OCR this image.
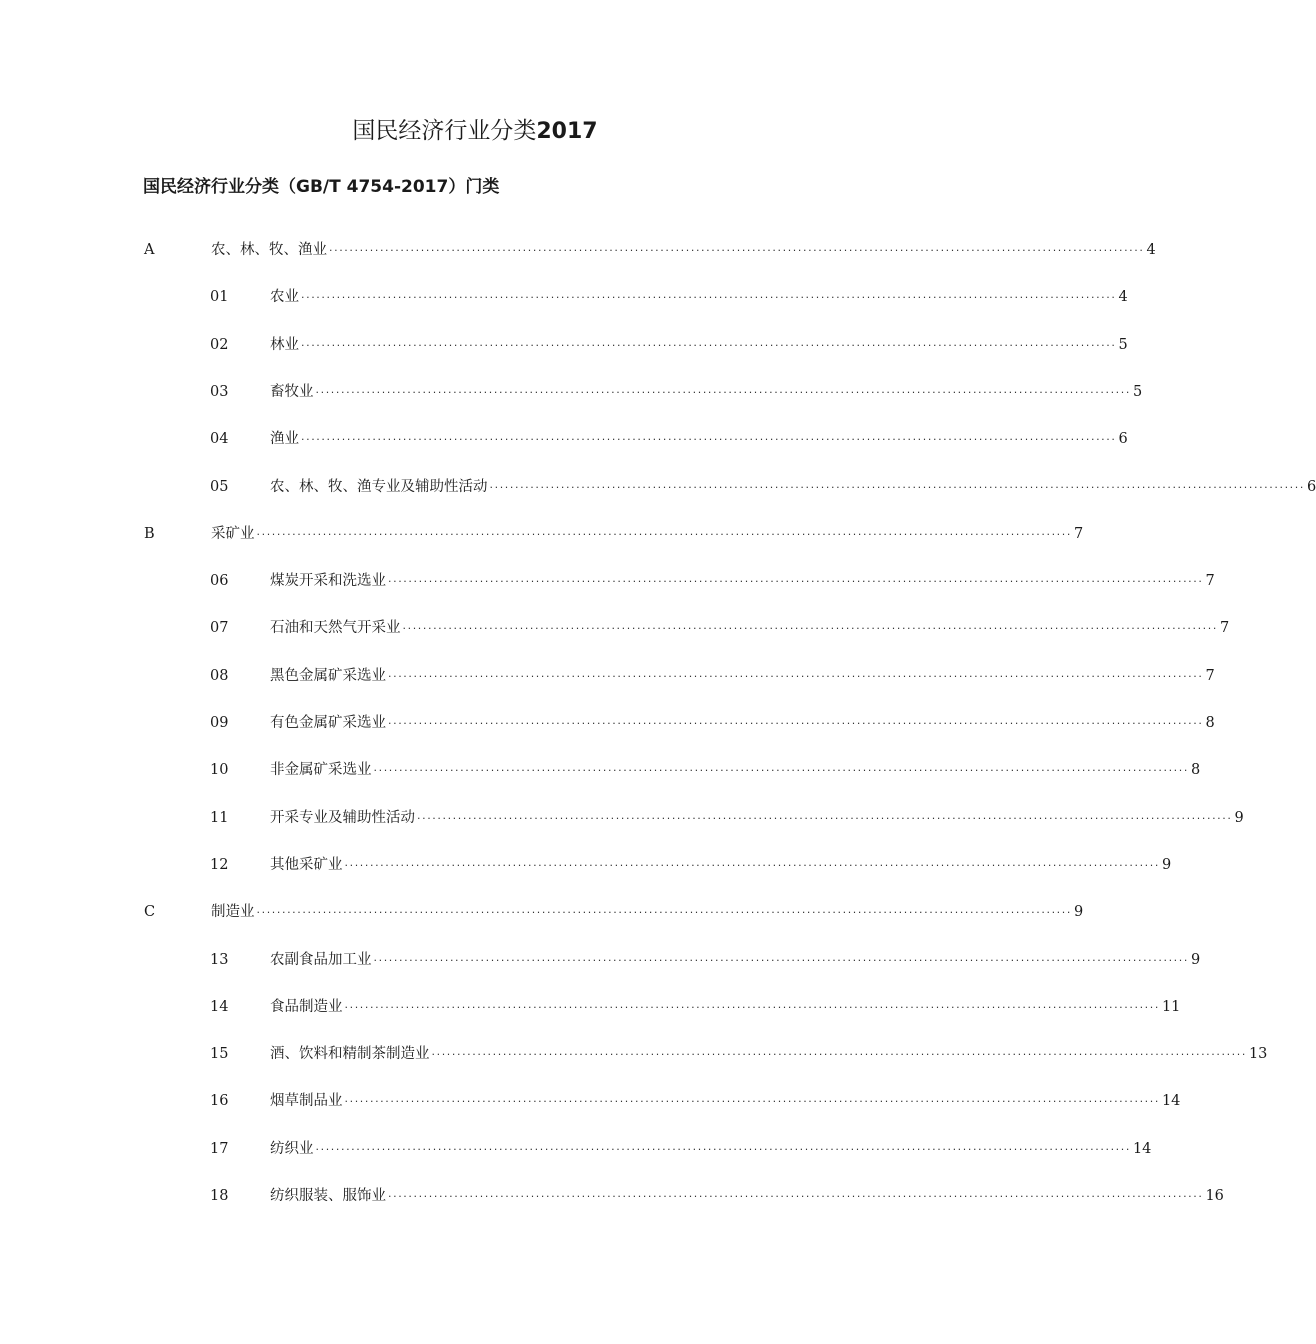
国民经济行业分类2017
国民经济行业分类（GB/T 4754-2017）门类
A	农、林、牧、渔业 ································································································································································ 4
01	农业 ································································································································································ 4
02	林业 ································································································································································ 5
03	畜牧业 ································································································································································ 5
04	渔业 ································································································································································ 6
05	农、林、牧、渔专业及辅助性活动 ································································································································································ 6
B	采矿业 ································································································································································ 7
06	煤炭开采和洗选业 ································································································································································ 7
07	石油和天然气开采业 ································································································································································ 7
08	黑色金属矿采选业 ································································································································································ 7
09	有色金属矿采选业 ································································································································································ 8
10	非金属矿采选业 ································································································································································ 8
11	开采专业及辅助性活动 ································································································································································ 9
12	其他采矿业 ································································································································································ 9
C	制造业 ································································································································································ 9
13	农副食品加工业 ································································································································································ 9
14	食品制造业 ································································································································································ 11
15	酒、饮料和精制茶制造业 ································································································································································ 13
16	烟草制品业 ································································································································································ 14
17	纺织业 ································································································································································ 14
18	纺织服装、服饰业 ································································································································································ 16
